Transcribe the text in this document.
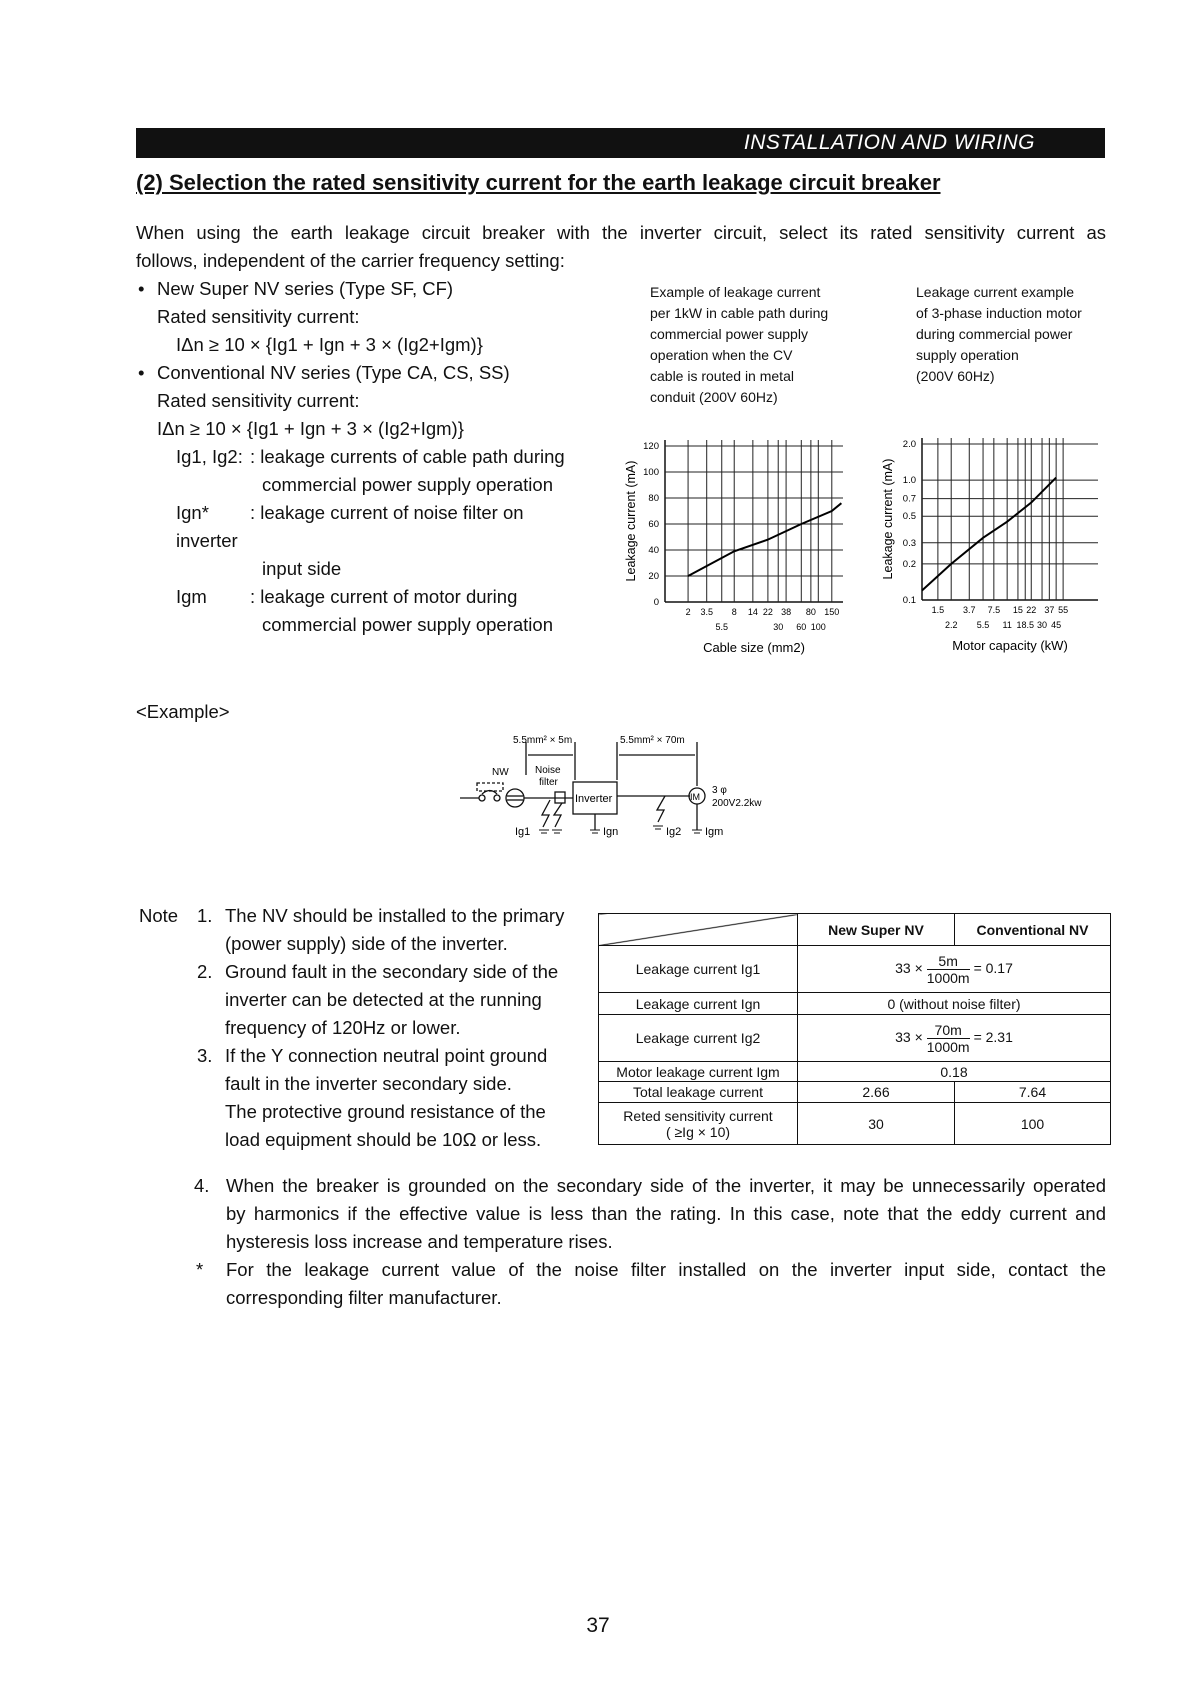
INSTALLATION AND WIRING
(2) Selection the rated sensitivity current for the earth leakage circuit breaker
When using the earth leakage circuit breaker with the inverter circuit, select its rated sensitivity current as
follows, independent of the carrier frequency setting:
• New Super NV series (Type SF, CF)
Rated sensitivity current:
IΔn ≥ 10 × {Ig1 + Ign + 3 × (Ig2+Igm)}
• Conventional NV series (Type CA, CS, SS)
Rated sensitivity current:
IΔn ≥ 10 × {Ig1 + Ign + 3 × (Ig2+Igm)}
Ig1, Ig2: : leakage currents of cable path during
commercial power supply operation
Ign* : leakage current of noise filter on
inverter
input side
Igm : leakage current of motor during
commercial power supply operation
Example of leakage current
per 1kW in cable path during
commercial power supply
operation when the CV
cable is routed in metal
conduit (200V 60Hz)
Leakage current example
of 3-phase induction motor
during commercial power
supply operation
(200V 60Hz)
0
20
40
60
80
100
120
2 3.5 8 14 22 38 80 150
5.5	30 60 100
Cable size (mm2)
Leakage current (mA)
0.1
0.2
0.3
0.5
0.7
1.0
2.0
1.5 3.7 7.5 15 22 37 55
2.2 5.5 11 18.5 30 45
Motor capacity (kW)
Leakage current (mA)
<Example>
5.5mm² × 5m	5.5mm² × 70m
NW	Noise
filter
Inverter	IM
3 φ
200V2.2kw
Ig1	Ign	Ig2 Igm
Note 1. The NV should be installed to the primary
(power supply) side of the inverter.
2. Ground fault in the secondary side of the
inverter can be detected at the running
frequency of 120Hz or lower.
3. If the Y connection neutral point ground
fault in the inverter secondary side.
The protective ground resistance of the
load equipment should be 10Ω or less.
	New Super NV	Conventional NV
Leakage current Ig1	$33 \times \frac{5m}{1000m} = 0.17$	
Leakage current Ign	0 (without noise filter)	
Leakage current Ig2	$33 \times \frac{70m}{1000m} = 2.31$	
Motor leakage current Igm	0.18	
Total leakage current	2.66	7.64

Reted sensitivity current
( ≥Ig × 10)	30	100
4. When the breaker is grounded on the secondary side of the inverter, it may be unnecessarily operated
by harmonics if the effective value is less than the rating. In this case, note that the eddy current and
hysteresis loss increase and temperature rises.
* For the leakage current value of the noise filter installed on the inverter input side, contact the
corresponding filter manufacturer.
37
